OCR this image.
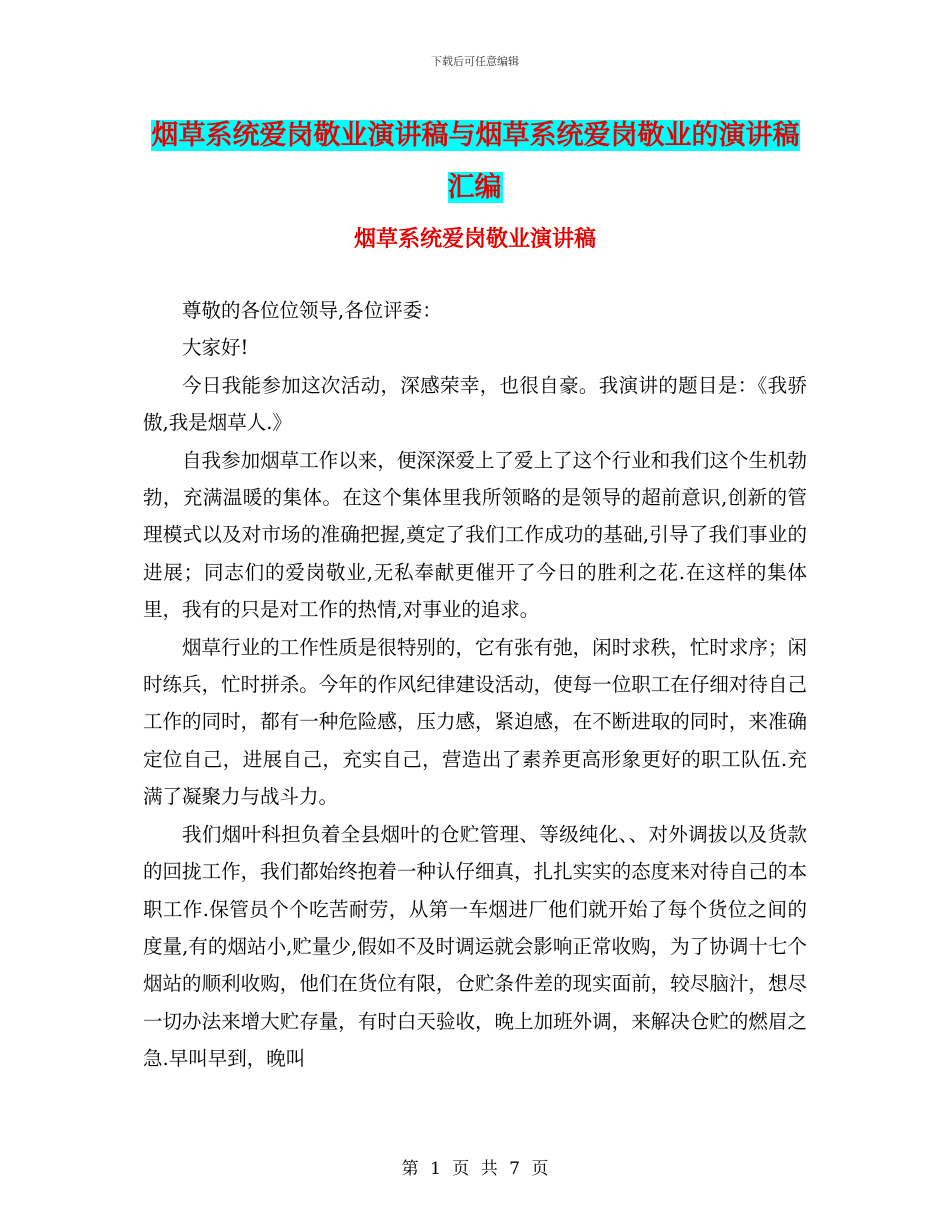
下载后可任意编辑
烟草系统爱岗敬业演讲稿与烟草系统爱岗敬业的演讲稿汇编
烟草系统爱岗敬业演讲稿

尊敬的各位位领导,各位评委：

大家好!

今日我能参加这次活动，深感荣幸，也很自豪。我演讲的题目是：《我骄傲,我是烟草人.》

自我参加烟草工作以来，便深深爱上了爱上了这个行业和我们这个生机勃勃，充满温暖的集体。在这个集体里我所领略的是领导的超前意识,创新的管理模式以及对市场的准确把握,奠定了我们工作成功的基础,引导了我们事业的进展；同志们的爱岗敬业,无私奉献更催开了今日的胜利之花.在这样的集体里，我有的只是对工作的热情,对事业的追求。

烟草行业的工作性质是很特别的，它有张有弛，闲时求秩，忙时求序；闲时练兵，忙时拼杀。今年的作风纪律建设活动，使每一位职工在仔细对待自己工作的同时，都有一种危险感，压力感，紧迫感，在不断进取的同时，来准确定位自己，进展自己，充实自己，营造出了素养更高形象更好的职工队伍.充满了凝聚力与战斗力。

我们烟叶科担负着全县烟叶的仓贮管理、等级纯化、、对外调拔以及货款的回拢工作，我们都始终抱着一种认仔细真，扎扎实实的态度来对待自己的本职工作.保管员个个吃苦耐劳，从第一车烟进厂他们就开始了每个货位之间的度量,有的烟站小,贮量少,假如不及时调运就会影响正常收购，为了协调十七个烟站的顺利收购，他们在货位有限，仓贮条件差的现实面前，较尽脑汁，想尽一切办法来增大贮存量，有时白天验收，晚上加班外调，来解决仓贮的燃眉之急.早叫早到，晚叫

第 1 页 共 7 页
